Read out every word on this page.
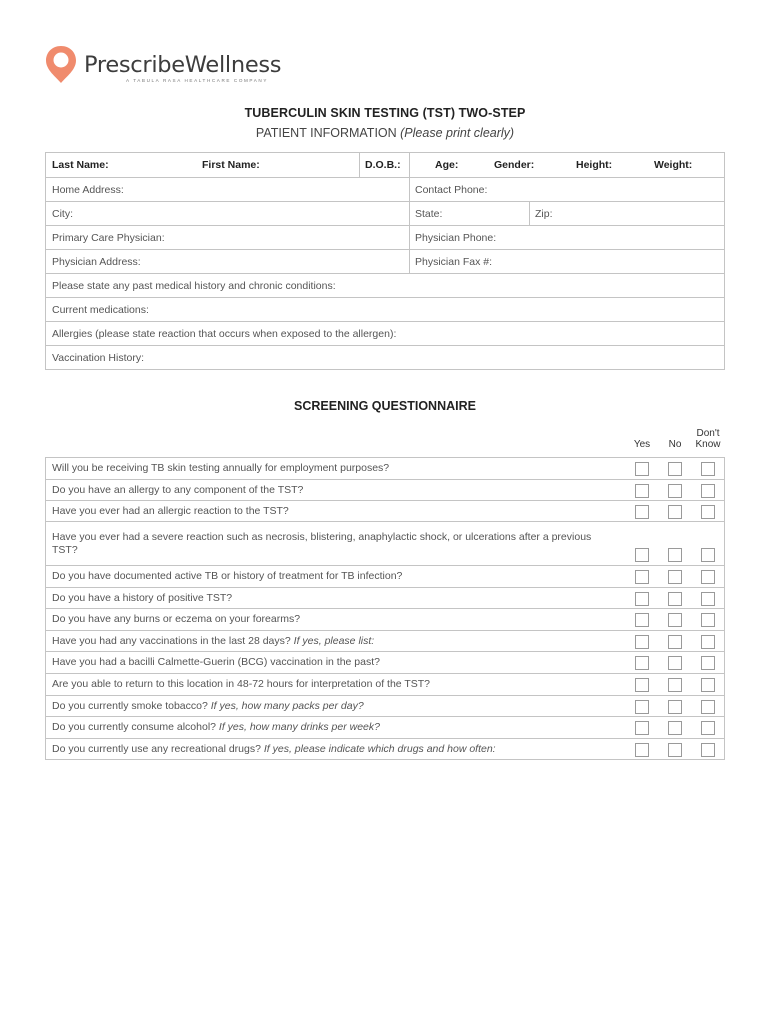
PrescribeWellness
A TABULA RASA HEALTHCARE COMPANY
TUBERCULIN SKIN TESTING (TST) TWO-STEP
PATIENT INFORMATION (Please print clearly)
Last Name:	First Name:	D.O.B.:	Age:	Gender:	Height:	Weight:
Home Address:	Contact Phone:
City:	State:	Zip:
Primary Care Physician:	Physician Phone:
Physician Address:	Physician Fax #:
Please state any past medical history and chronic conditions:
Current medications:
Allergies (please state reaction that occurs when exposed to the allergen):
Vaccination History:
SCREENING QUESTIONNAIRE
Yes	No
Don't
Know
Will you be receiving TB skin testing annually for employment purposes?
Do you have an allergy to any component of the TST?
Have you ever had an allergic reaction to the TST?
Have you ever had a severe reaction such as necrosis, blistering, anaphylactic shock, or ulcerations after a previous TST?
Do you have documented active TB or history of treatment for TB infection?
Do you have a history of positive TST?
Do you have any burns or eczema on your forearms?
Have you had any vaccinations in the last 28 days? If yes, please list:
Have you had a bacilli Calmette-Guerin (BCG) vaccination in the past?
Are you able to return to this location in 48-72 hours for interpretation of the TST?
Do you currently smoke tobacco? If yes, how many packs per day?
Do you currently consume alcohol? If yes, how many drinks per week?
Do you currently use any recreational drugs? If yes, please indicate which drugs and how often:
